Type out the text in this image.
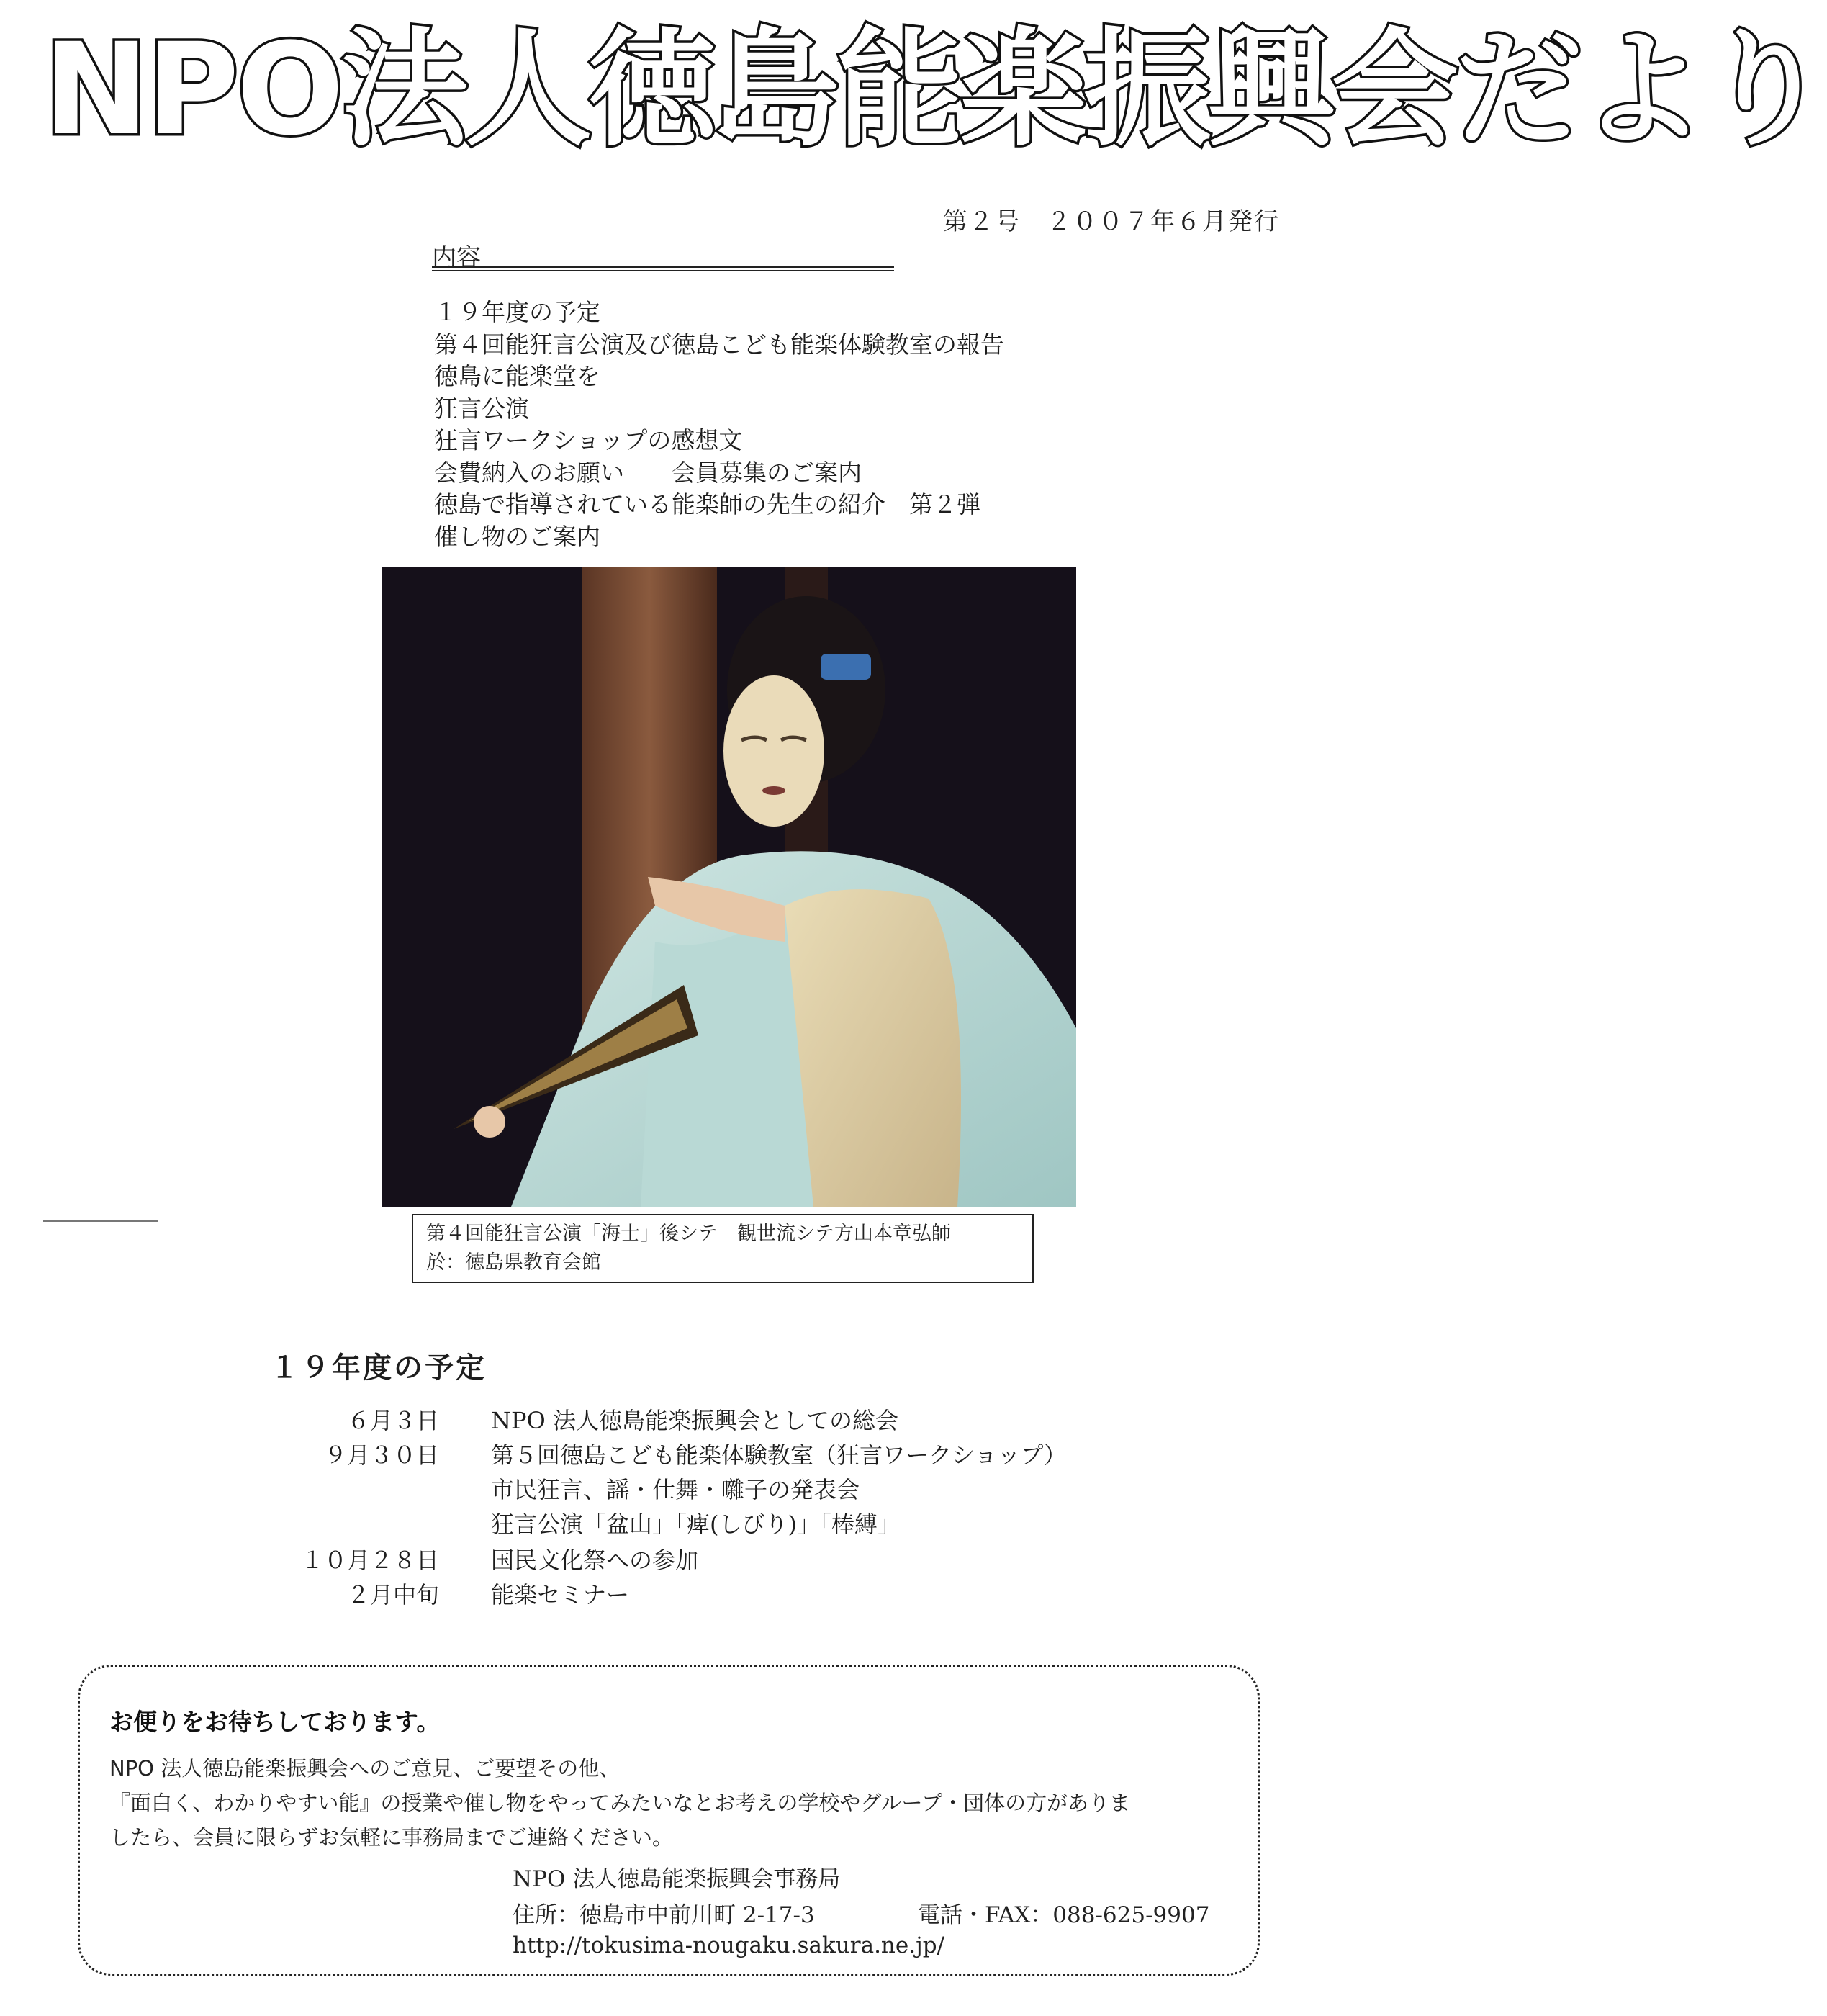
NPO法人徳島能楽振興会だより
第２号　２００７年６月発行
内容
１９年度の予定
第４回能狂言公演及び徳島こども能楽体験教室の報告
徳島に能楽堂を
狂言公演
狂言ワークショップの感想文
会費納入のお願い　　会員募集のご案内
徳島で指導されている能楽師の先生の紹介　第２弾
催し物のご案内
第４回能狂言公演「海士」後シテ　観世流シテ方山本章弘師
於：徳島県教育会館
１９年度の予定
６月３日 NPO 法人徳島能楽振興会としての総会
９月３０日 第５回徳島こども能楽体験教室（狂言ワークショップ）
市民狂言、謡・仕舞・囃子の発表会
狂言公演「盆山」「痺(しびり)」「棒縛」
１０月２８日 国民文化祭への参加
２月中旬 能楽セミナー
お便りをお待ちしております。
NPO 法人徳島能楽振興会へのご意見、ご要望その他、
『面白く、わかりやすい能』の授業や催し物をやってみたいなとお考えの学校やグループ・団体の方がありま
したら、会員に限らずお気軽に事務局までご連絡ください。
NPO 法人徳島能楽振興会事務局
住所：徳島市中前川町 2-17-3	電話・FAX：088-625-9907
http://tokusima-nougaku.sakura.ne.jp/
